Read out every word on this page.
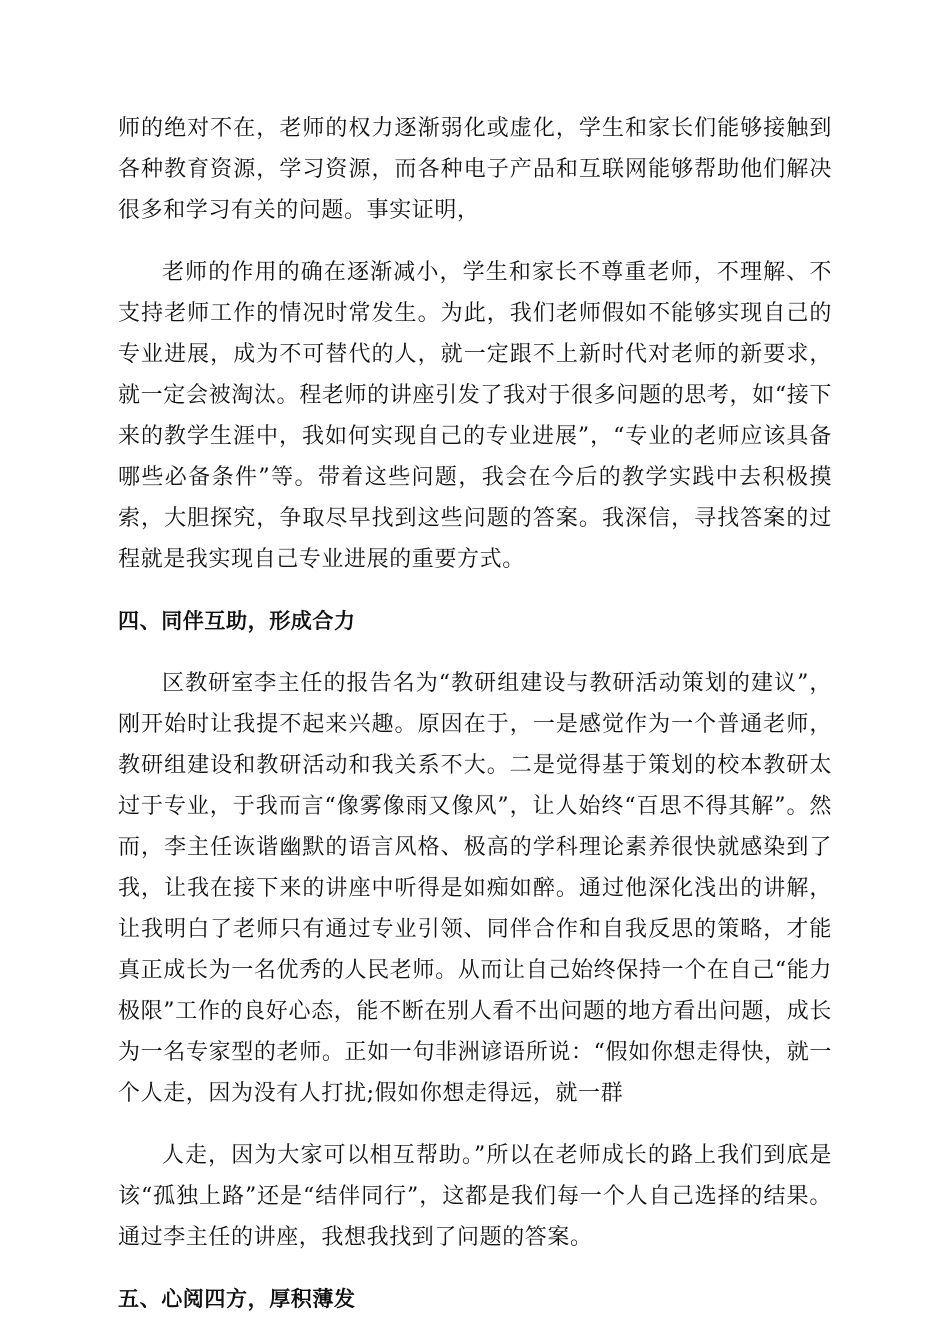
师的绝对不在，老师的权力逐渐弱化或虚化，学生和家长们能够接触到各种教育资源，学习资源，而各种电子产品和互联网能够帮助他们解决很多和学习有关的问题。事实证明，

老师的作用的确在逐渐减小，学生和家长不尊重老师，不理解、不支持老师工作的情况时常发生。为此，我们老师假如不能够实现自己的专业进展，成为不可替代的人，就一定跟不上新时代对老师的新要求，就一定会被淘汰。程老师的讲座引发了我对于很多问题的思考，如“接下来的教学生涯中，我如何实现自己的专业进展”，“专业的老师应该具备哪些必备条件”等。带着这些问题，我会在今后的教学实践中去积极摸索，大胆探究，争取尽早找到这些问题的答案。我深信，寻找答案的过程就是我实现自己专业进展的重要方式。

四、同伴互助，形成合力

区教研室李主任的报告名为“教研组建设与教研活动策划的建议”，刚开始时让我提不起来兴趣。原因在于，一是感觉作为一个普通老师，教研组建设和教研活动和我关系不大。二是觉得基于策划的校本教研太过于专业，于我而言“像雾像雨又像风”，让人始终“百思不得其解”。然而，李主任诙谐幽默的语言风格、极高的学科理论素养很快就感染到了我，让我在接下来的讲座中听得是如痴如醉。通过他深化浅出的讲解，让我明白了老师只有通过专业引领、同伴合作和自我反思的策略，才能真正成长为一名优秀的人民老师。从而让自己始终保持一个在自己“能力极限”工作的良好心态，能不断在别人看不出问题的地方看出问题，成长为一名专家型的老师。正如一句非洲谚语所说：“假如你想走得快，就一个人走，因为没有人打扰;假如你想走得远，就一群

人走，因为大家可以相互帮助。”所以在老师成长的路上我们到底是该“孤独上路”还是“结伴同行”，这都是我们每一个人自己选择的结果。通过李主任的讲座，我想我找到了问题的答案。

五、心阅四方，厚积薄发
